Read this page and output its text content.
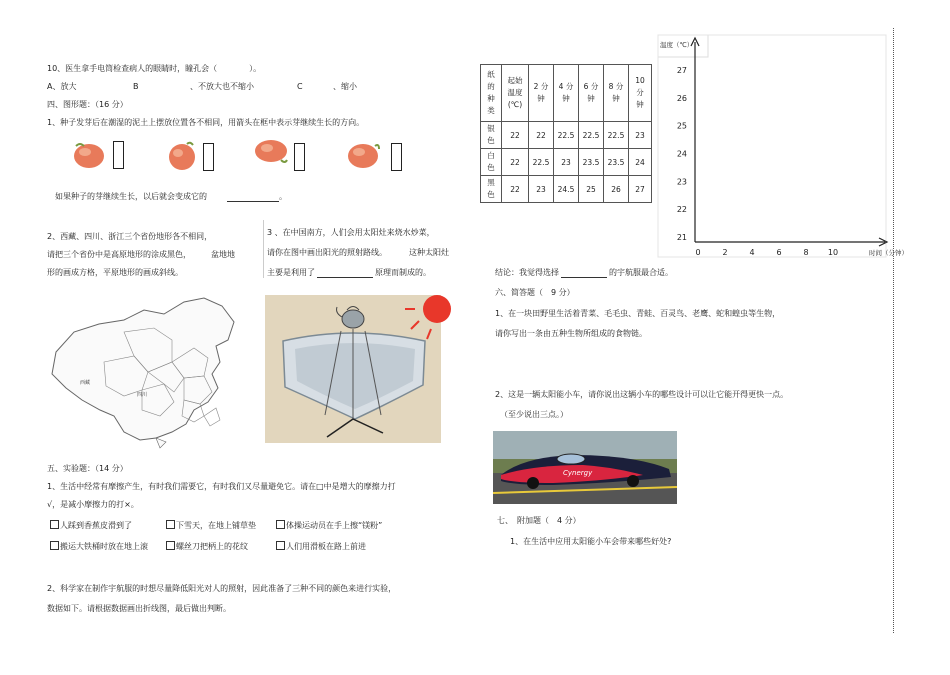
10、医生拿手电筒检查病人的眼睛时，瞳孔会（　　　　）。
A、放大	B	、不放大也不缩小	C	、缩小
四、图形题：（16 分）
1、种子发芽后在潮湿的泥土上摆放位置各不相同，用箭头在框中表示芽继续生长的方向。
如果种子的芽继续生长，以后就会变成它的	。
2、西藏、四川、浙江三个省份地形各不相同，
请把三个省份中是高原地形的涂成黑色，	盆地地
形的画成方格，平原地形的画成斜线。
3 、在中国南方，人们会用太阳灶来烧水炒菜，
请你在图中画出阳光的照射路线。	这种太阳灶
主要是利用了	原理而制成的。
西藏
四川
五、实验题：（14 分）
1、生活中经常有摩擦产生，有时我们需要它，有时我们又尽量避免它。请在□中是增大的摩擦力打
√，是减小摩擦力的打×。
人踩到香蕉皮滑到了	下雪天，在地上铺草垫	体操运动员在手上擦“镁粉”
搬运大铁桶时放在地上滚	螺丝刀把柄上的花纹	人们用滑板在路上前进
2、科学家在制作宇航服的时想尽量降低阳光对人的照射，因此准备了三种不同的颜色来进行实验，
数据如下。请根据数据画出折线图，最后做出判断。
纸
的
种
类	起始
温度
(℃)	2 分
钟	4 分
钟	6 分
钟	8 分
钟	10
分
钟

银
色	22	22	22.5	22.5	22.5	23

白
色	22	22.5	23	23.5	23.5	24

黑
色	22	23	24.5	25	26	27
21
22
23
24
25
26
27
0	2	4	6	8 10
温度（℃）
时间（分钟）
结论：我觉得选择	的宇航服最合适。
六、简答题（　9 分）
1、在一块田野里生活着青菜、毛毛虫、青蛙、百灵鸟、老鹰、蛇和蝗虫等生物，
请你写出一条由五种生物所组成的食物链。
2、这是一辆太阳能小车，请你说出这辆小车的哪些设计可以让它能开得更快一点。
（至少说出三点。）
Cynergy
七、　附加题（　4 分）
1、在生活中应用太阳能小车会带来哪些好处?
